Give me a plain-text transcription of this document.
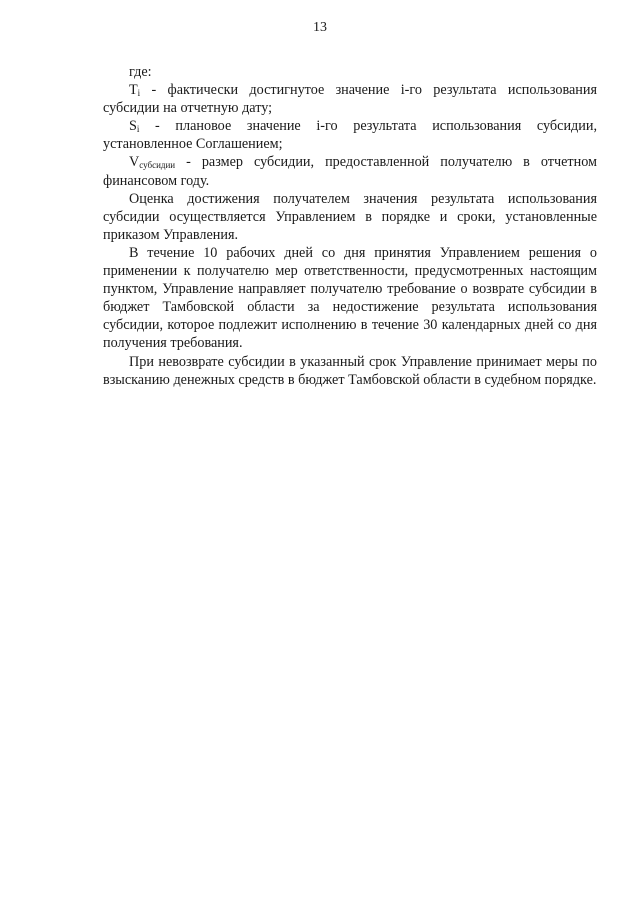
13

где:

$T_i$ - фактически достигнутое значение i-го результата использования субсидии на отчетную дату;

$S_i$ - плановое значение i-го результата использования субсидии, установленное Соглашением;

$V_{субсидии}$ - размер субсидии, предоставленной получателю в отчетном финансовом году.

Оценка достижения получателем значения результата использования субсидии осуществляется Управлением в порядке и сроки, установленные приказом Управления.

В течение 10 рабочих дней со дня принятия Управлением решения о применении к получателю мер ответственности, предусмотренных настоящим пунктом, Управление направляет получателю требование о возврате субсидии в бюджет Тамбовской области за недостижение результата использования субсидии, которое подлежит исполнению в течение 30 календарных дней со дня получения требования.

При невозврате субсидии в указанный срок Управление принимает меры по взысканию денежных средств в бюджет Тамбовской области в судебном порядке.
